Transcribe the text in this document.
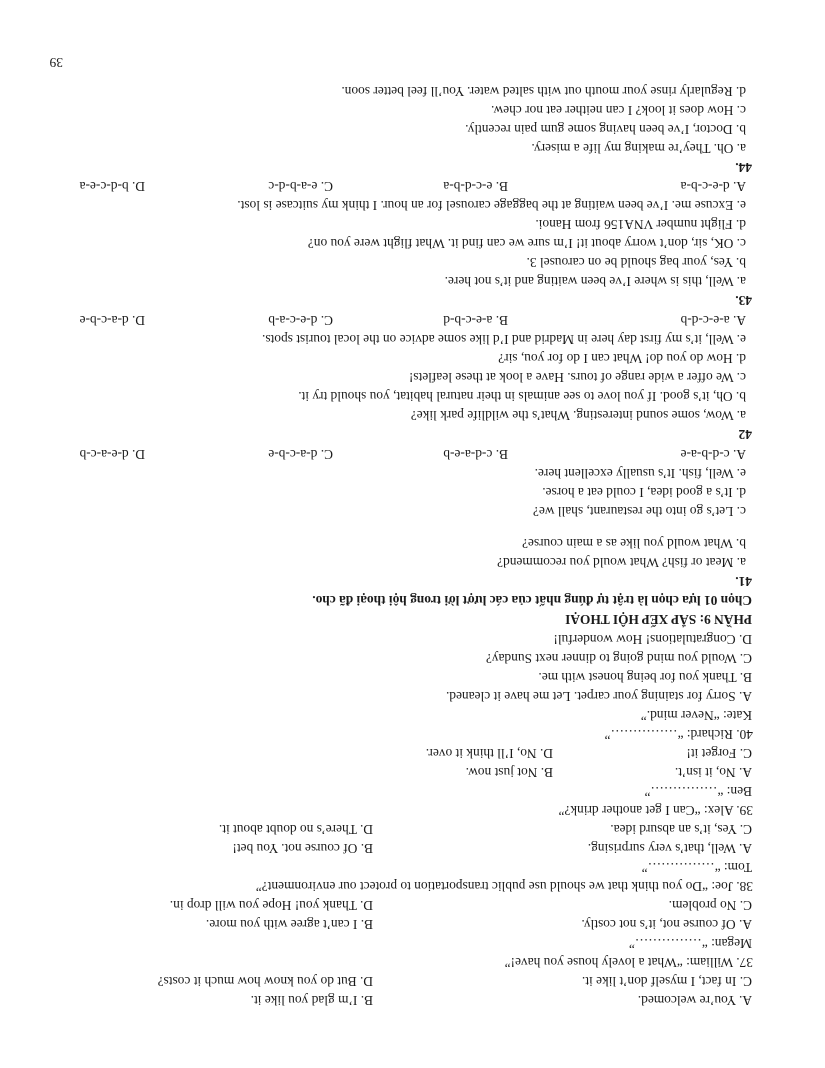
A. You’re welcomed.
B. I’m glad you like it.
C. In fact, I myself don’t like it.
D. But do you know how much it costs?
37. William: “What a lovely house you have!”
Megan: “……………”
A. Of course not, it’s not costly.
B. I can’t agree with you more.
C. No problem.
D. Thank you! Hope you will drop in.
38. Joe: “Do you think that we should use public transportation to protect our environment?”
Tom: “……………”
A. Well, that’s very surprising.
B. Of course not. You bet!
C. Yes, it’s an absurd idea.
D. There’s no doubt about it.
39. Alex: “Can I get another drink?”
Ben: “……………”
A. No, it isn’t.
B. Not just now.
C. Forget it!
D. No, I’ll think it over.
40. Richard: “……………”
Kate: “Never mind.”
A. Sorry for staining your carpet. Let me have it cleaned.
B. Thank you for being honest with me.
C. Would you mind going to dinner next Sunday?
D. Congratulations! How wonderful!
PHẦN 9: SẮP XẾP HỘI THOẠI
Chọn 01 lựa chọn là trật tự đúng nhất của các lượt lời trong hội thoại đã cho.
41.
a. Meat or fish? What would you recommend?
b. What would you like as a main course?
c. Let’s go into the restaurant, shall we?
d. It’s a good idea, I could eat a horse.
e. Well, fish. It’s usually excellent here.
A. c-d-b-a-e
B. c-d-a-e-b
C. d-a-c-b-e
D. d-e-a-c-b
42
a. Wow, some sound interesting. What’s the wildlife park like?
b. Oh, it’s good. If you love to see animals in their natural habitat, you should try it.
c. We offer a wide range of tours. Have a look at these leaflets!
d. How do you do! What can I do for you, sir?
e. Well, it’s my first day here in Madrid and I’d like some advice on the local tourist spots.
A. a-e-c-d-b
B. a-e-c-b-d
C. d-e-c-a-b
D. d-a-c-b-e
43.
a. Well, this is where I’ve been waiting and it’s not here.
b. Yes, your bag should be on carousel 3.
c. OK, sir, don’t worry about it! I’m sure we can find it. What flight were you on?
d. Flight number VNA156 from Hanoi.
e. Excuse me. I’ve been waiting at the baggage carousel for an hour. I think my suitcase is lost.
A. d-e-c-b-a
B. e-c-d-b-a
C. e-a-b-d-c
D. b-d-c-e-a
44.
a. Oh. They’re making my life a misery.
b. Doctor, I’ve been having some gum pain recently.
c. How does it look? I can neither eat nor chew.
d. Regularly rinse your mouth out with salted water. You’ll feel better soon.
39
